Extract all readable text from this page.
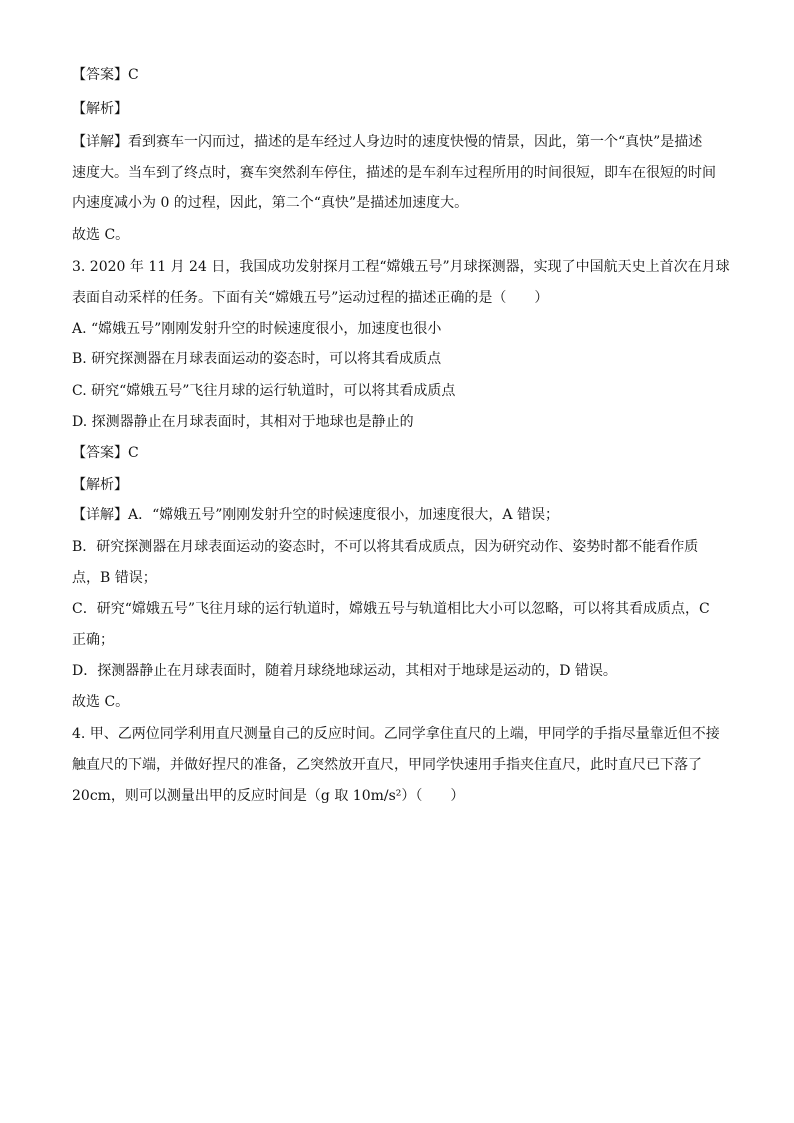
【答案】C
【解析】
【详解】看到赛车一闪而过，描述的是车经过人身边时的速度快慢的情景，因此，第一个“真快”是描述
速度大。当车到了终点时，赛车突然刹车停住，描述的是车刹车过程所用的时间很短，即车在很短的时间
内速度减小为 0 的过程，因此，第二个“真快”是描述加速度大。
故选 C。
3. 2020 年 11 月 24 日，我国成功发射探月工程“嫦娥五号”月球探测器，实现了中国航天史上首次在月球
表面自动采样的任务。下面有关“嫦娥五号”运动过程的描述正确的是（　　）
A. “嫦娥五号”刚刚发射升空的时候速度很小，加速度也很小
B. 研究探测器在月球表面运动的姿态时，可以将其看成质点
C. 研究“嫦娥五号”飞往月球的运行轨道时，可以将其看成质点
D. 探测器静止在月球表面时，其相对于地球也是静止的
【答案】C
【解析】
【详解】A．“嫦娥五号”刚刚发射升空的时候速度很小，加速度很大，A 错误；
B．研究探测器在月球表面运动的姿态时，不可以将其看成质点，因为研究动作、姿势时都不能看作质
点，B 错误；
C．研究“嫦娥五号”飞往月球的运行轨道时，嫦娥五号与轨道相比大小可以忽略，可以将其看成质点，C
正确；
D．探测器静止在月球表面时，随着月球绕地球运动，其相对于地球是运动的，D 错误。
故选 C。
4. 甲、乙两位同学利用直尺测量自己的反应时间。乙同学拿住直尺的上端，甲同学的手指尽量靠近但不接
触直尺的下端，并做好捏尺的准备，乙突然放开直尺，甲同学快速用手指夹住直尺，此时直尺已下落了
20cm，则可以测量出甲的反应时间是（g 取 10m/s²）（　　）
